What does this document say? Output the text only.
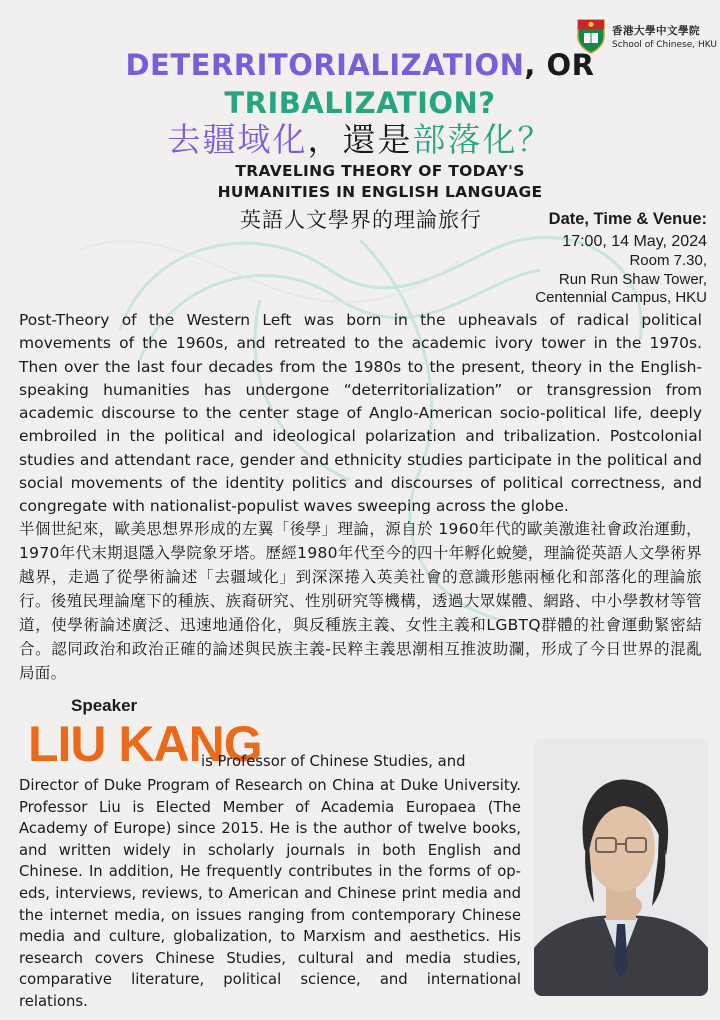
香港大學中文學院
School of Chinese, HKU
DETERRITORIALIZATION, OR
TRIBALIZATION?
去疆域化，還是部落化？
TRAVELING THEORY OF TODAY'S
HUMANITIES IN ENGLISH LANGUAGE
英語人文學界的理論旅行	Date, Time & Venue:
17:00, 14 May, 2024
Room 7.30,
Run Run Shaw Tower,
Centennial Campus, HKU

Post-Theory of the Western Left was born in the upheavals of radical political movements of the 1960s, and retreated to the academic ivory tower in the 1970s. Then over the last four decades from the 1980s to the present, theory in the English-speaking humanities has undergone “deterritorialization” or transgression from academic discourse to the center stage of Anglo-American socio-political life, deeply embroiled in the political and ideological polarization and tribalization. Postcolonial studies and attendant race, gender and ethnicity studies participate in the political and social movements of the identity politics and discourses of political correctness, and congregate with nationalist-populist waves sweeping across the globe.

半個世紀來，歐美思想界形成的左翼「後學」理論，源自於 1960年代的歐美激進社會政治運動，1970年代末期退隱入學院象牙塔。歷經1980年代至今的四十年孵化蛻變，理論從英語人文學術界越界，走過了從學術論述「去疆域化」到深深捲入英美社會的意識形態兩極化和部落化的理論旅行。後殖民理論麾下的種族、族裔研究、性別研究等機構，透過大眾媒體、網路、中小學教材等管道，使學術論述廣泛、迅速地通俗化，與反種族主義、女性主義和LGBTQ群體的社會運動緊密結合。認同政治和政治正確的論述與民族主義-民粹主義思潮相互推波助瀾，形成了今日世界的混亂局面。

Speaker
LIU KANG
is Professor of Chinese Studies, and

Director of Duke Program of Research on China at Duke University. Professor Liu is Elected Member of Academia Europaea (The Academy of Europe) since 2015. He is the author of twelve books, and written widely in scholarly journals in both English and Chinese. In addition, He frequently contributes in the forms of op-eds, interviews, reviews, to American and Chinese print media and the internet media, on issues ranging from contemporary Chinese media and culture, globalization, to Marxism and aesthetics. His research covers Chinese Studies, cultural and media studies, comparative literature, political science, and international relations.
